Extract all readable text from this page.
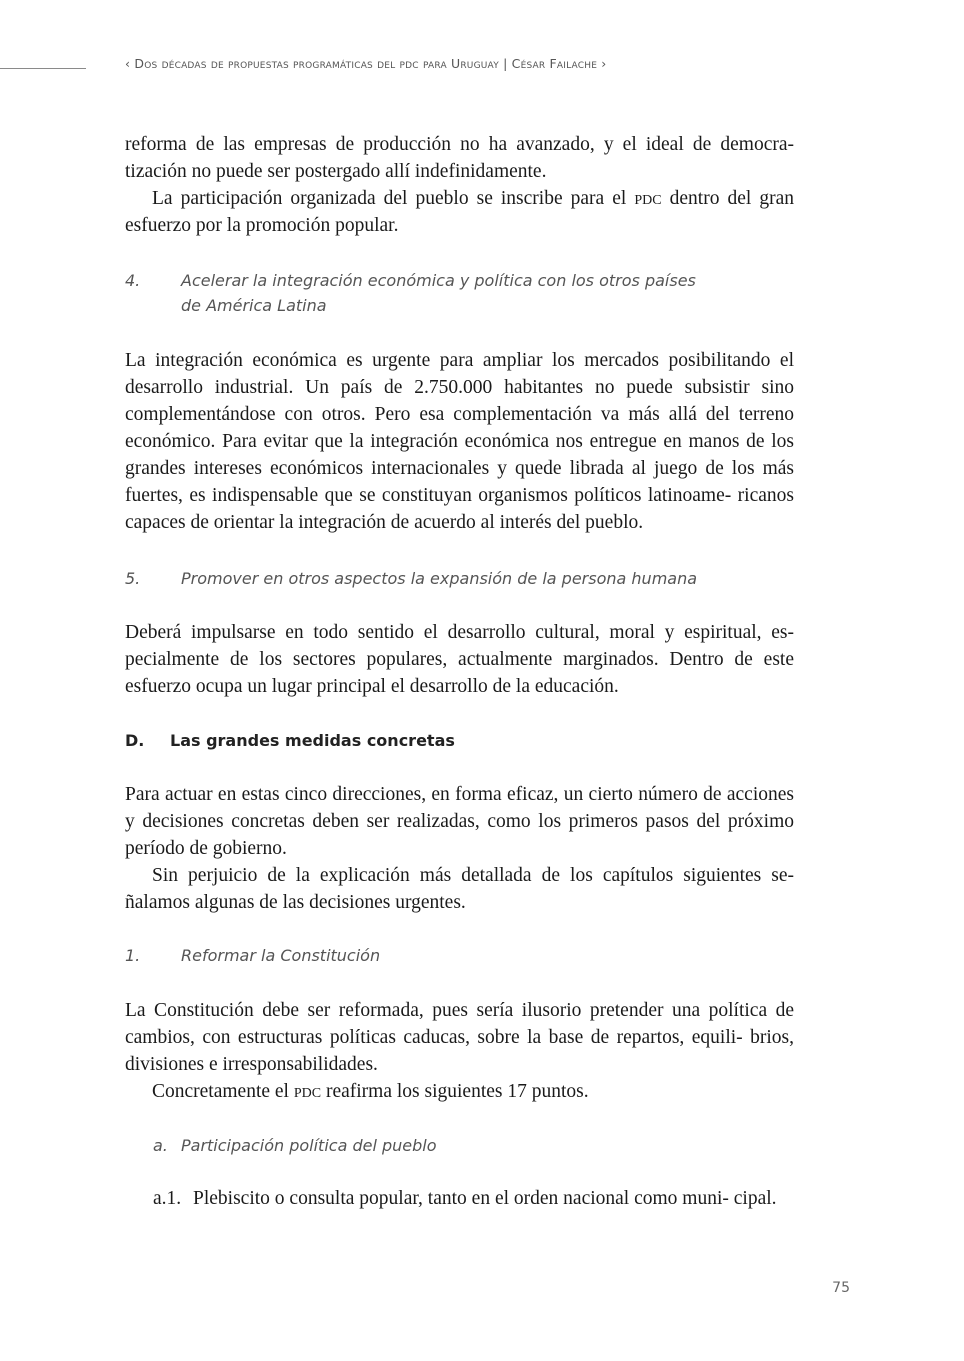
‹ Dos décadas de propuestas programáticas del pdc para Uruguay | César Failache ›

reforma de las empresas de producción no ha avanzado, y el ideal de democra- tización no puede ser postergado allí indefinidamente.

La participación organizada del pueblo se inscribe para el pdc dentro del gran esfuerzo por la promoción popular.

4.	Acelerar la integración económica y política con los otros países de América Latina

La integración económica es urgente para ampliar los mercados posibilitando el desarrollo industrial. Un país de 2.750.000 habitantes no puede subsistir sino complementándose con otros. Pero esa complementación va más allá del terreno económico. Para evitar que la integración económica nos entregue en manos de los grandes intereses económicos internacionales y quede librada al juego de los más fuertes, es indispensable que se constituyan organismos políticos latinoame- ricanos capaces de orientar la integración de acuerdo al interés del pueblo.

5.	Promover en otros aspectos la expansión de la persona humana

Deberá impulsarse en todo sentido el desarrollo cultural, moral y espiritual, es- pecialmente de los sectores populares, actualmente marginados. Dentro de este esfuerzo ocupa un lugar principal el desarrollo de la educación.

D. Las grandes medidas concretas

Para actuar en estas cinco direcciones, en forma eficaz, un cierto número de acciones y decisiones concretas deben ser realizadas, como los primeros pasos del próximo período de gobierno.

Sin perjuicio de la explicación más detallada de los capítulos siguientes se- ñalamos algunas de las decisiones urgentes.

1.	Reformar la Constitución

La Constitución debe ser reformada, pues sería ilusorio pretender una política de cambios, con estructuras políticas caducas, sobre la base de repartos, equili- brios, divisiones e irresponsabilidades.

Concretamente el pdc reafirma los siguientes 17 puntos.

a. Participación política del pueblo
a.1. Plebiscito o consulta popular, tanto en el orden nacional como muni- cipal.
75
